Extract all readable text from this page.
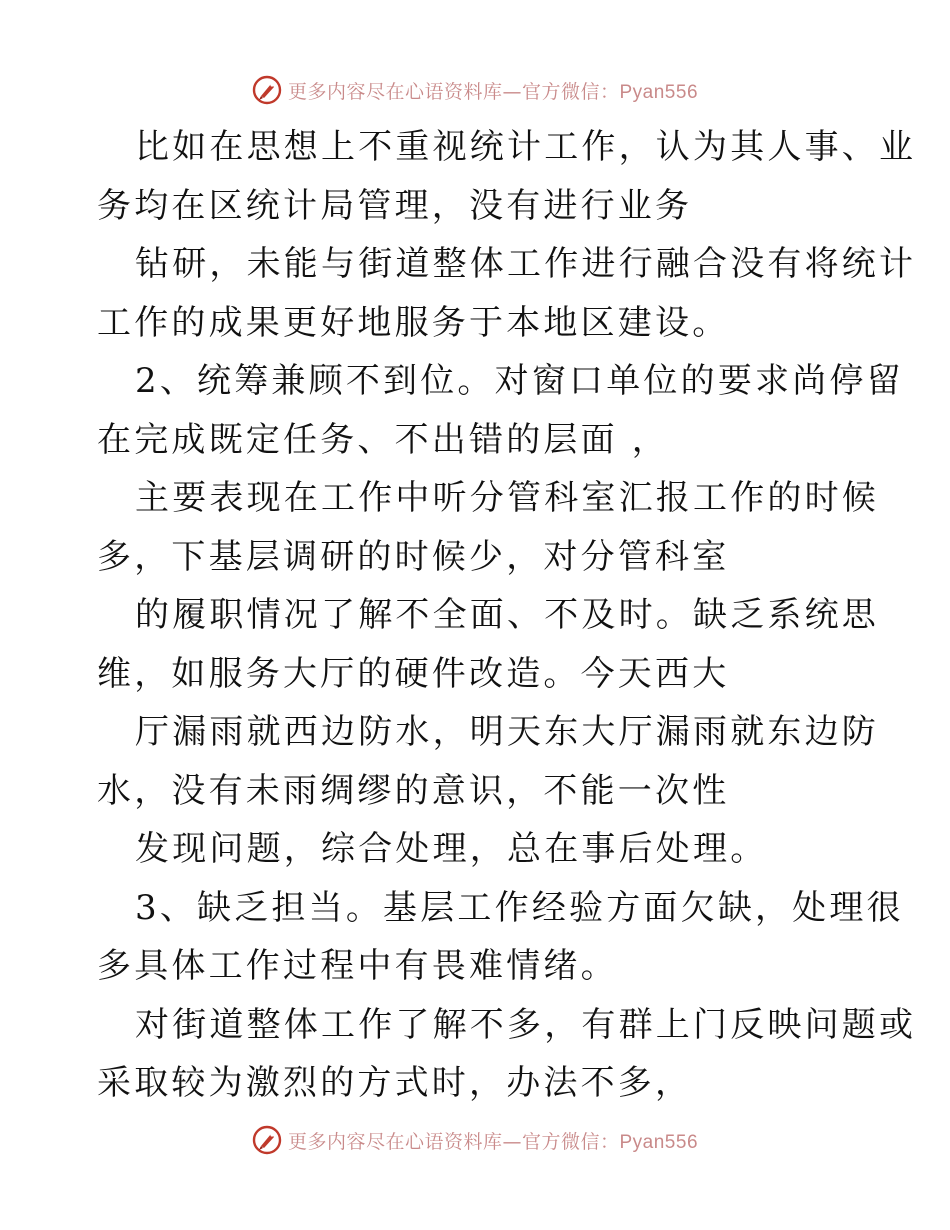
更多内容尽在心语资料库—官方微信：Pyan556

比如在思想上不重视统计工作，认为其人事、业
务均在区统计局管理，没有进行业务

钻研，未能与街道整体工作进行融合没有将统计
工作的成果更好地服务于本地区建设。

2、统筹兼顾不到位。对窗口单位的要求尚停留
在完成既定任务、不出错的层面 ，

主要表现在工作中听分管科室汇报工作的时候
多，下基层调研的时候少，对分管科室

的履职情况了解不全面、不及时。缺乏系统思
维，如服务大厅的硬件改造。今天西大

厅漏雨就西边防水，明天东大厅漏雨就东边防
水，没有未雨绸缪的意识，不能一次性

发现问题，综合处理，总在事后处理。

3、缺乏担当。基层工作经验方面欠缺，处理很
多具体工作过程中有畏难情绪。

对街道整体工作了解不多，有群上门反映问题或
采取较为激烈的方式时，办法不多，

更多内容尽在心语资料库—官方微信：Pyan556
